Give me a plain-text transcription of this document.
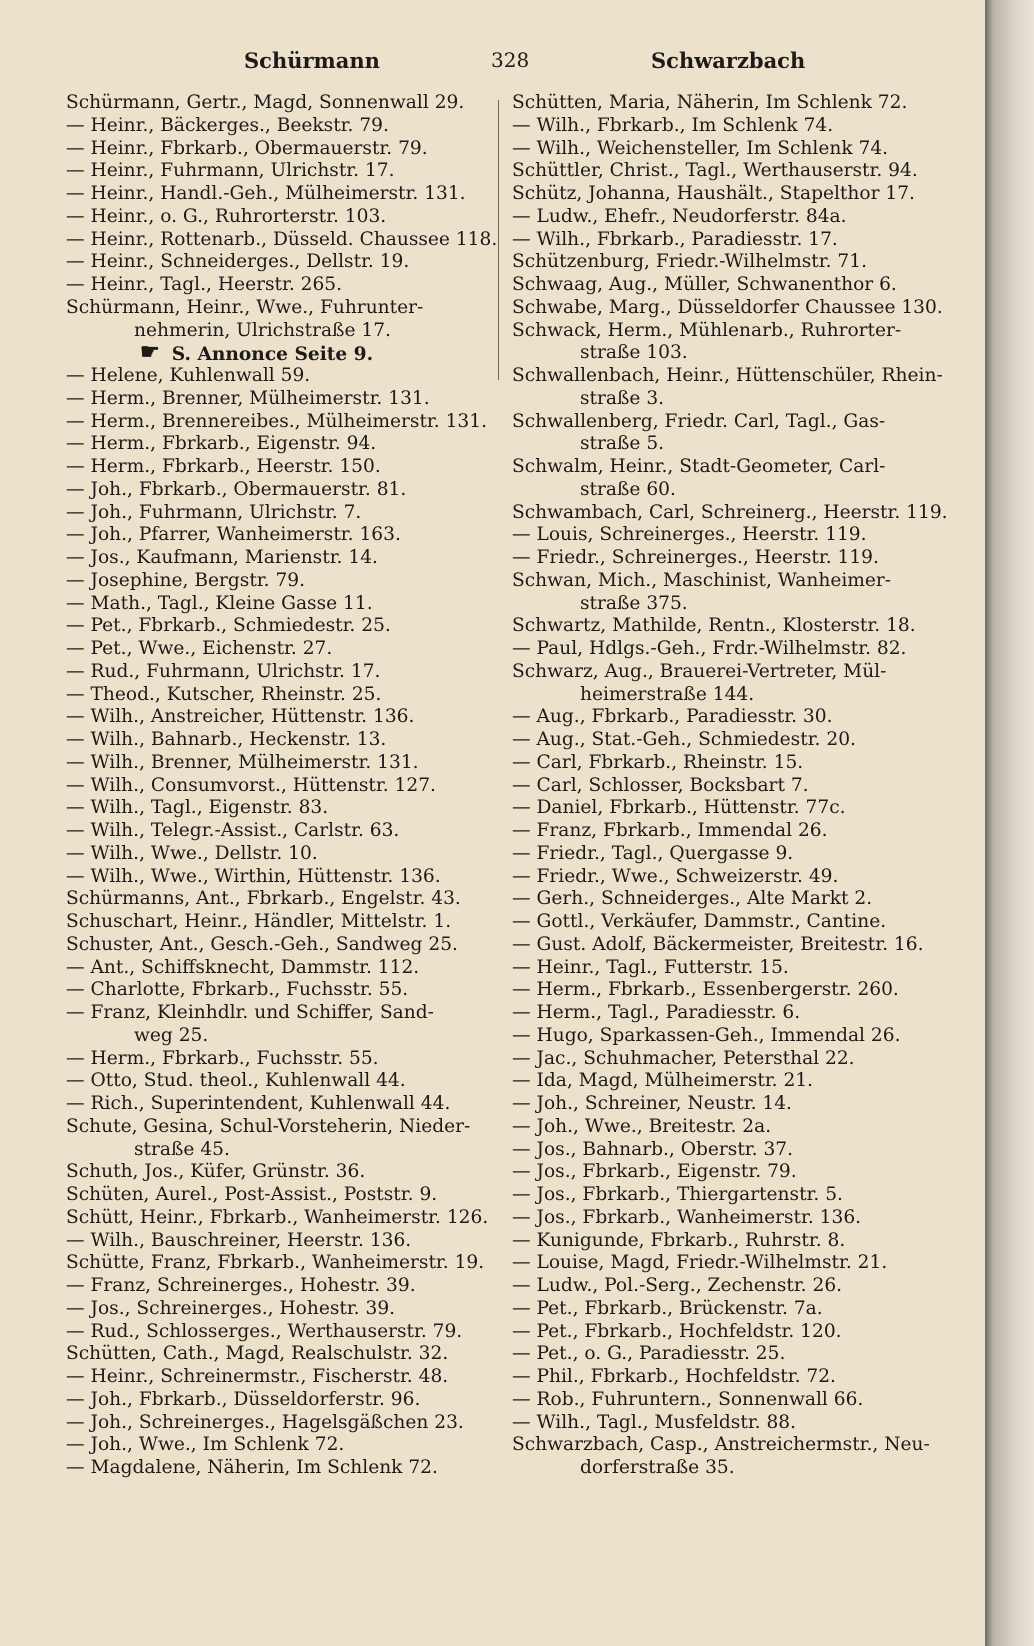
Schürmann	328	Schwarzbach
Schürmann, Gertr., Magd, Sonnenwall 29.
— Heinr., Bäckerges., Beekstr. 79.
— Heinr., Fbrkarb., Obermauerstr. 79.
— Heinr., Fuhrmann, Ulrichstr. 17.
— Heinr., Handl.-Geh., Mülheimerstr. 131.
— Heinr., o. G., Ruhrorterstr. 103.
— Heinr., Rottenarb., Düsseld. Chaussee 118.
— Heinr., Schneiderges., Dellstr. 19.
— Heinr., Tagl., Heerstr. 265.
Schürmann, Heinr., Wwe., Fuhrunter-
nehmerin, Ulrichstraße 17.
☛ S. Annonce Seite 9.
— Helene, Kuhlenwall 59.
— Herm., Brenner, Mülheimerstr. 131.
— Herm., Brennereibes., Mülheimerstr. 131.
— Herm., Fbrkarb., Eigenstr. 94.
— Herm., Fbrkarb., Heerstr. 150.
— Joh., Fbrkarb., Obermauerstr. 81.
— Joh., Fuhrmann, Ulrichstr. 7.
— Joh., Pfarrer, Wanheimerstr. 163.
— Jos., Kaufmann, Marienstr. 14.
— Josephine, Bergstr. 79.
— Math., Tagl., Kleine Gasse 11.
— Pet., Fbrkarb., Schmiedestr. 25.
— Pet., Wwe., Eichenstr. 27.
— Rud., Fuhrmann, Ulrichstr. 17.
— Theod., Kutscher, Rheinstr. 25.
— Wilh., Anstreicher, Hüttenstr. 136.
— Wilh., Bahnarb., Heckenstr. 13.
— Wilh., Brenner, Mülheimerstr. 131.
— Wilh., Consumvorst., Hüttenstr. 127.
— Wilh., Tagl., Eigenstr. 83.
— Wilh., Telegr.-Assist., Carlstr. 63.
— Wilh., Wwe., Dellstr. 10.
— Wilh., Wwe., Wirthin, Hüttenstr. 136.
Schürmanns, Ant., Fbrkarb., Engelstr. 43.
Schuschart, Heinr., Händler, Mittelstr. 1.
Schuster, Ant., Gesch.-Geh., Sandweg 25.
— Ant., Schiffsknecht, Dammstr. 112.
— Charlotte, Fbrkarb., Fuchsstr. 55.
— Franz, Kleinhdlr. und Schiffer, Sand-
weg 25.
— Herm., Fbrkarb., Fuchsstr. 55.
— Otto, Stud. theol., Kuhlenwall 44.
— Rich., Superintendent, Kuhlenwall 44.
Schute, Gesina, Schul-Vorsteherin, Nieder-
straße 45.
Schuth, Jos., Küfer, Grünstr. 36.
Schüten, Aurel., Post-Assist., Poststr. 9.
Schütt, Heinr., Fbrkarb., Wanheimerstr. 126.
— Wilh., Bauschreiner, Heerstr. 136.
Schütte, Franz, Fbrkarb., Wanheimerstr. 19.
— Franz, Schreinerges., Hohestr. 39.
— Jos., Schreinerges., Hohestr. 39.
— Rud., Schlosserges., Werthauserstr. 79.
Schütten, Cath., Magd, Realschulstr. 32.
— Heinr., Schreinermstr., Fischerstr. 48.
— Joh., Fbrkarb., Düsseldorferstr. 96.
— Joh., Schreinerges., Hagelsgäßchen 23.
— Joh., Wwe., Im Schlenk 72.
— Magdalene, Näherin, Im Schlenk 72.
Schütten, Maria, Näherin, Im Schlenk 72.
— Wilh., Fbrkarb., Im Schlenk 74.
— Wilh., Weichensteller, Im Schlenk 74.
Schüttler, Christ., Tagl., Werthauserstr. 94.
Schütz, Johanna, Haushält., Stapelthor 17.
— Ludw., Ehefr., Neudorferstr. 84a.
— Wilh., Fbrkarb., Paradiesstr. 17.
Schützenburg, Friedr.-Wilhelmstr. 71.
Schwaag, Aug., Müller, Schwanenthor 6.
Schwabe, Marg., Düsseldorfer Chaussee 130.
Schwack, Herm., Mühlenarb., Ruhrorter-
straße 103.
Schwallenbach, Heinr., Hüttenschüler, Rhein-
straße 3.
Schwallenberg, Friedr. Carl, Tagl., Gas-
straße 5.
Schwalm, Heinr., Stadt-Geometer, Carl-
straße 60.
Schwambach, Carl, Schreinerg., Heerstr. 119.
— Louis, Schreinerges., Heerstr. 119.
— Friedr., Schreinerges., Heerstr. 119.
Schwan, Mich., Maschinist, Wanheimer-
straße 375.
Schwartz, Mathilde, Rentn., Klosterstr. 18.
— Paul, Hdlgs.-Geh., Frdr.-Wilhelmstr. 82.
Schwarz, Aug., Brauerei-Vertreter, Mül-
heimerstraße 144.
— Aug., Fbrkarb., Paradiesstr. 30.
— Aug., Stat.-Geh., Schmiedestr. 20.
— Carl, Fbrkarb., Rheinstr. 15.
— Carl, Schlosser, Bocksbart 7.
— Daniel, Fbrkarb., Hüttenstr. 77c.
— Franz, Fbrkarb., Immendal 26.
— Friedr., Tagl., Quergasse 9.
— Friedr., Wwe., Schweizerstr. 49.
— Gerh., Schneiderges., Alte Markt 2.
— Gottl., Verkäufer, Dammstr., Cantine.
— Gust. Adolf, Bäckermeister, Breitestr. 16.
— Heinr., Tagl., Futterstr. 15.
— Herm., Fbrkarb., Essenbergerstr. 260.
— Herm., Tagl., Paradiesstr. 6.
— Hugo, Sparkassen-Geh., Immendal 26.
— Jac., Schuhmacher, Petersthal 22.
— Ida, Magd, Mülheimerstr. 21.
— Joh., Schreiner, Neustr. 14.
— Joh., Wwe., Breitestr. 2a.
— Jos., Bahnarb., Oberstr. 37.
— Jos., Fbrkarb., Eigenstr. 79.
— Jos., Fbrkarb., Thiergartenstr. 5.
— Jos., Fbrkarb., Wanheimerstr. 136.
— Kunigunde, Fbrkarb., Ruhrstr. 8.
— Louise, Magd, Friedr.-Wilhelmstr. 21.
— Ludw., Pol.-Serg., Zechenstr. 26.
— Pet., Fbrkarb., Brückenstr. 7a.
— Pet., Fbrkarb., Hochfeldstr. 120.
— Pet., o. G., Paradiesstr. 25.
— Phil., Fbrkarb., Hochfeldstr. 72.
— Rob., Fuhruntern., Sonnenwall 66.
— Wilh., Tagl., Musfeldstr. 88.
Schwarzbach, Casp., Anstreichermstr., Neu-
dorferstraße 35.
